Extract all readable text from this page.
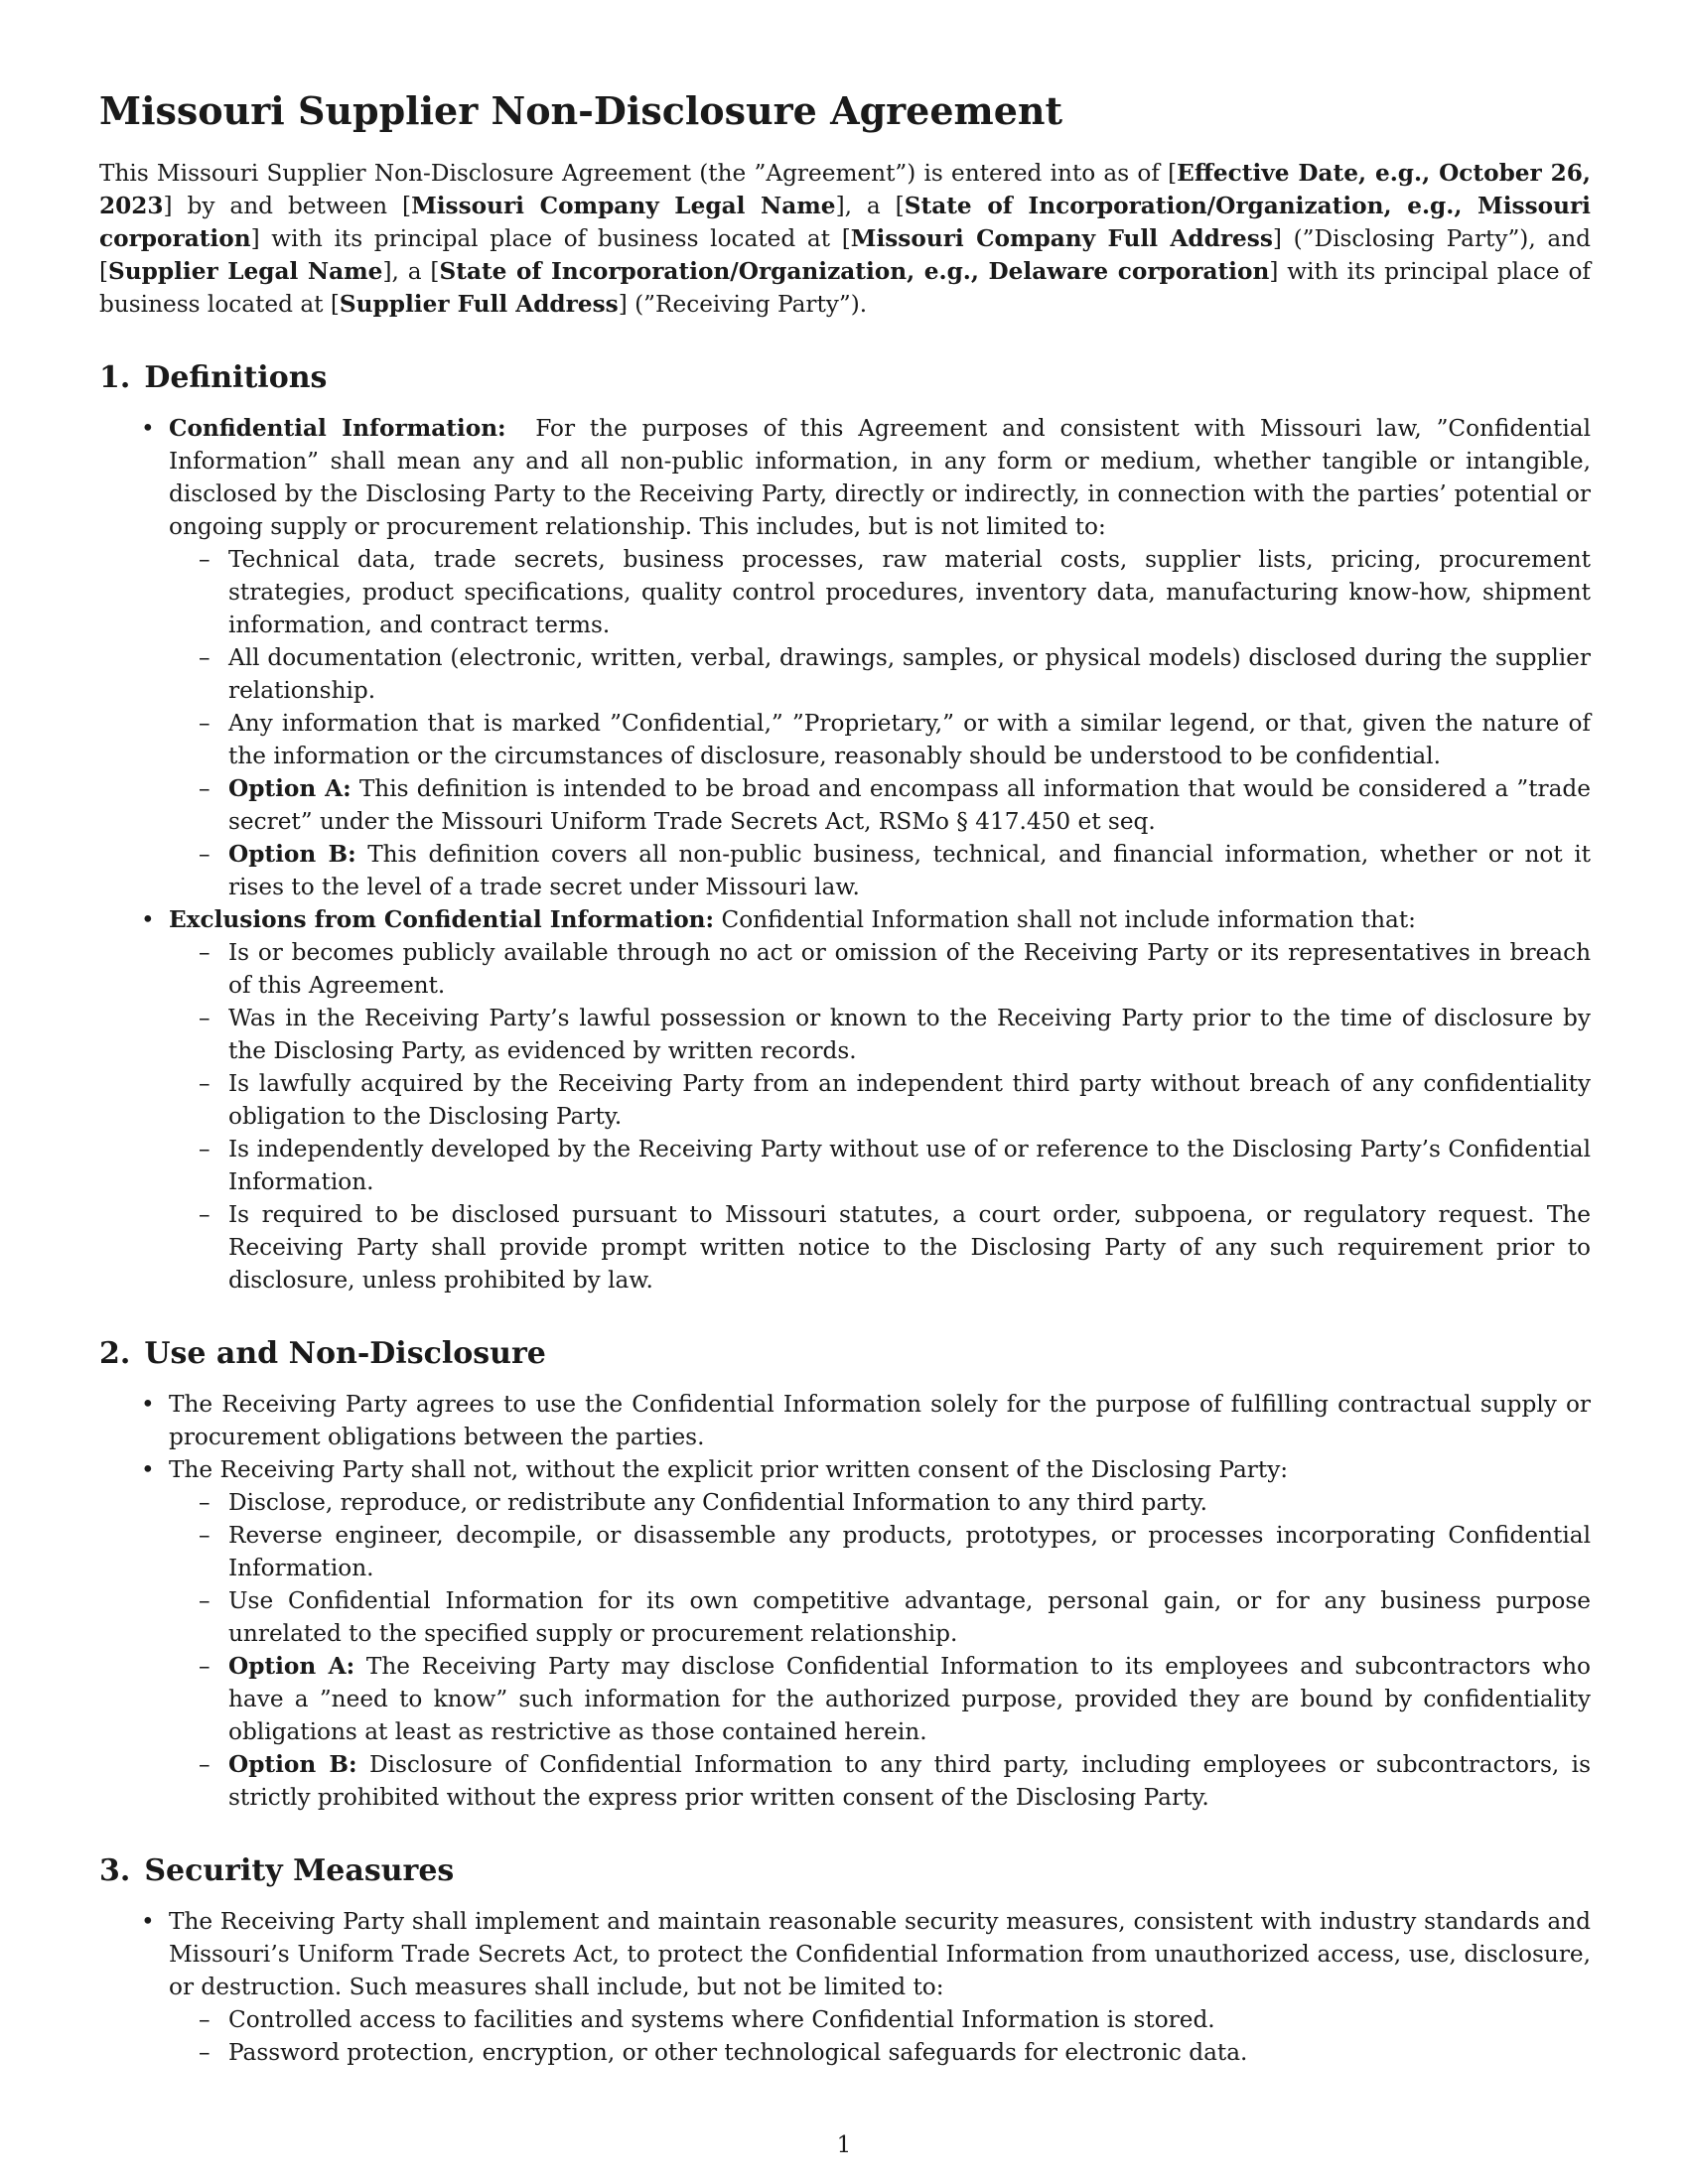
Missouri Supplier Non-Disclosure Agreement

This Missouri Supplier Non-Disclosure Agreement (the ”Agreement”) is entered into as of [Effective Date, e.g., October 26, 2023] by and between [Missouri Company Legal Name], a [State of Incorporation/Organization, e.g., Missouri corporation] with its principal place of business located at [Missouri Company Full Address] (”Disclosing Party”), and [Supplier Legal Name], a [State of Incorporation/Organization, e.g., Delaware corporation] with its principal place of business located at [Supplier Full Address] (”Receiving Party”).

1. Definitions
• Confidential Information: For the purposes of this Agreement and consistent with Missouri law, ”Confidential Information” shall mean any and all non-public information, in any form or medium, whether tangible or intangible, disclosed by the Disclosing Party to the Receiving Party, directly or indirectly, in connection with the parties’ potential or ongoing supply or procurement relationship. This includes, but is not limited to:
– Technical data, trade secrets, business processes, raw material costs, supplier lists, pricing, procurement strategies, product specifications, quality control procedures, inventory data, manufacturing know-how, shipment information, and contract terms.
– All documentation (electronic, written, verbal, drawings, samples, or physical models) disclosed during the supplier relationship.
– Any information that is marked ”Confidential,” ”Proprietary,” or with a similar legend, or that, given the nature of the information or the circumstances of disclosure, reasonably should be understood to be confidential.
– Option A: This definition is intended to be broad and encompass all information that would be considered a ”trade secret” under the Missouri Uniform Trade Secrets Act, RSMo § 417.450 et seq.
– Option B: This definition covers all non-public business, technical, and financial information, whether or not it rises to the level of a trade secret under Missouri law.
• Exclusions from Confidential Information: Confidential Information shall not include information that:
– Is or becomes publicly available through no act or omission of the Receiving Party or its representatives in breach of this Agreement.
– Was in the Receiving Party’s lawful possession or known to the Receiving Party prior to the time of disclosure by the Disclosing Party, as evidenced by written records.
– Is lawfully acquired by the Receiving Party from an independent third party without breach of any confidentiality obligation to the Disclosing Party.
– Is independently developed by the Receiving Party without use of or reference to the Disclosing Party’s Confidential Information.
– Is required to be disclosed pursuant to Missouri statutes, a court order, subpoena, or regulatory request. The Receiving Party shall provide prompt written notice to the Disclosing Party of any such requirement prior to disclosure, unless prohibited by law.
2. Use and Non-Disclosure
• The Receiving Party agrees to use the Confidential Information solely for the purpose of fulfilling contractual supply or procurement obligations between the parties.
• The Receiving Party shall not, without the explicit prior written consent of the Disclosing Party:
– Disclose, reproduce, or redistribute any Confidential Information to any third party.
– Reverse engineer, decompile, or disassemble any products, prototypes, or processes incorporating Confidential Information.
– Use Confidential Information for its own competitive advantage, personal gain, or for any business purpose unrelated to the specified supply or procurement relationship.
– Option A: The Receiving Party may disclose Confidential Information to its employees and subcontractors who have a ”need to know” such information for the authorized purpose, provided they are bound by confidentiality obligations at least as restrictive as those contained herein.
– Option B: Disclosure of Confidential Information to any third party, including employees or subcontractors, is strictly prohibited without the express prior written consent of the Disclosing Party.
3. Security Measures
• The Receiving Party shall implement and maintain reasonable security measures, consistent with industry standards and Missouri’s Uniform Trade Secrets Act, to protect the Confidential Information from unauthorized access, use, disclosure, or destruction. Such measures shall include, but not be limited to:
– Controlled access to facilities and systems where Confidential Information is stored.
– Password protection, encryption, or other technological safeguards for electronic data.
1
